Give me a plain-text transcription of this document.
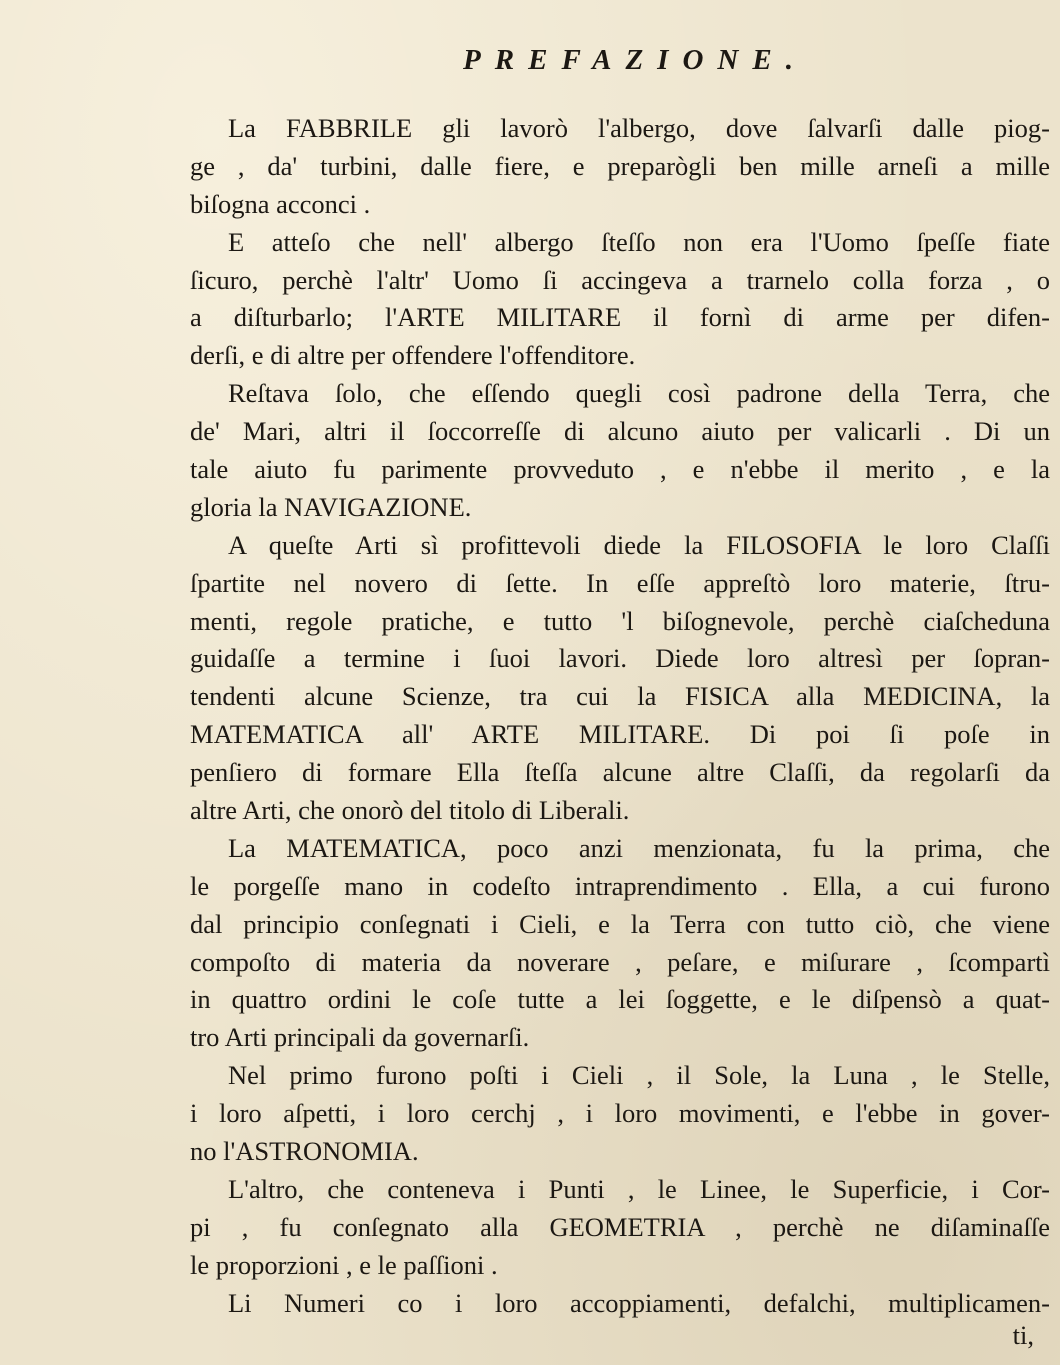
PREFAZIONE.
La FABBRILE gli lavorò l'albergo, dove ſalvarſi dalle piog-
ge , da' turbini, dalle fiere, e preparògli ben mille arneſi a mille
biſogna acconci .
E atteſo che nell' albergo ſteſſo non era l'Uomo ſpeſſe fiate
ſicuro, perchè l'altr' Uomo ſi accingeva a trarnelo colla forza , o
a diſturbarlo; l'ARTE MILITARE il fornì di arme per difen-
derſi, e di altre per offendere l'offenditore.
Reſtava ſolo, che eſſendo quegli così padrone della Terra, che
de' Mari, altri il ſoccorreſſe di alcuno aiuto per valicarli . Di un
tale aiuto fu parimente provveduto , e n'ebbe il merito , e la
gloria la NAVIGAZIONE.
A queſte Arti sì profittevoli diede la FILOSOFIA le loro Claſſi
ſpartite nel novero di ſette. In eſſe appreſtò loro materie, ſtru-
menti, regole pratiche, e tutto 'l biſognevole, perchè ciaſcheduna
guidaſſe a termine i ſuoi lavori. Diede loro altresì per ſopran-
tendenti alcune Scienze, tra cui la FISICA alla MEDICINA, la
MATEMATICA all' ARTE MILITARE. Di poi ſi poſe in
penſiero di formare Ella ſteſſa alcune altre Claſſi, da regolarſi da
altre Arti, che onorò del titolo di Liberali.
La MATEMATICA, poco anzi menzionata, fu la prima, che
le porgeſſe mano in codeſto intraprendimento . Ella, a cui furono
dal principio conſegnati i Cieli, e la Terra con tutto ciò, che viene
compoſto di materia da noverare , peſare, e miſurare , ſcompartì
in quattro ordini le coſe tutte a lei ſoggette, e le diſpensò a quat-
tro Arti principali da governarſi.
Nel primo furono poſti i Cieli , il Sole, la Luna , le Stelle,
i loro aſpetti, i loro cerchj , i loro movimenti, e l'ebbe in gover-
no l'ASTRONOMIA.
L'altro, che conteneva i Punti , le Linee, le Superficie, i Cor-
pi , fu conſegnato alla GEOMETRIA , perchè ne diſaminaſſe
le proporzioni , e le paſſioni .
Li Numeri co i loro accoppiamenti, defalchi, multiplicamen-
ti,
